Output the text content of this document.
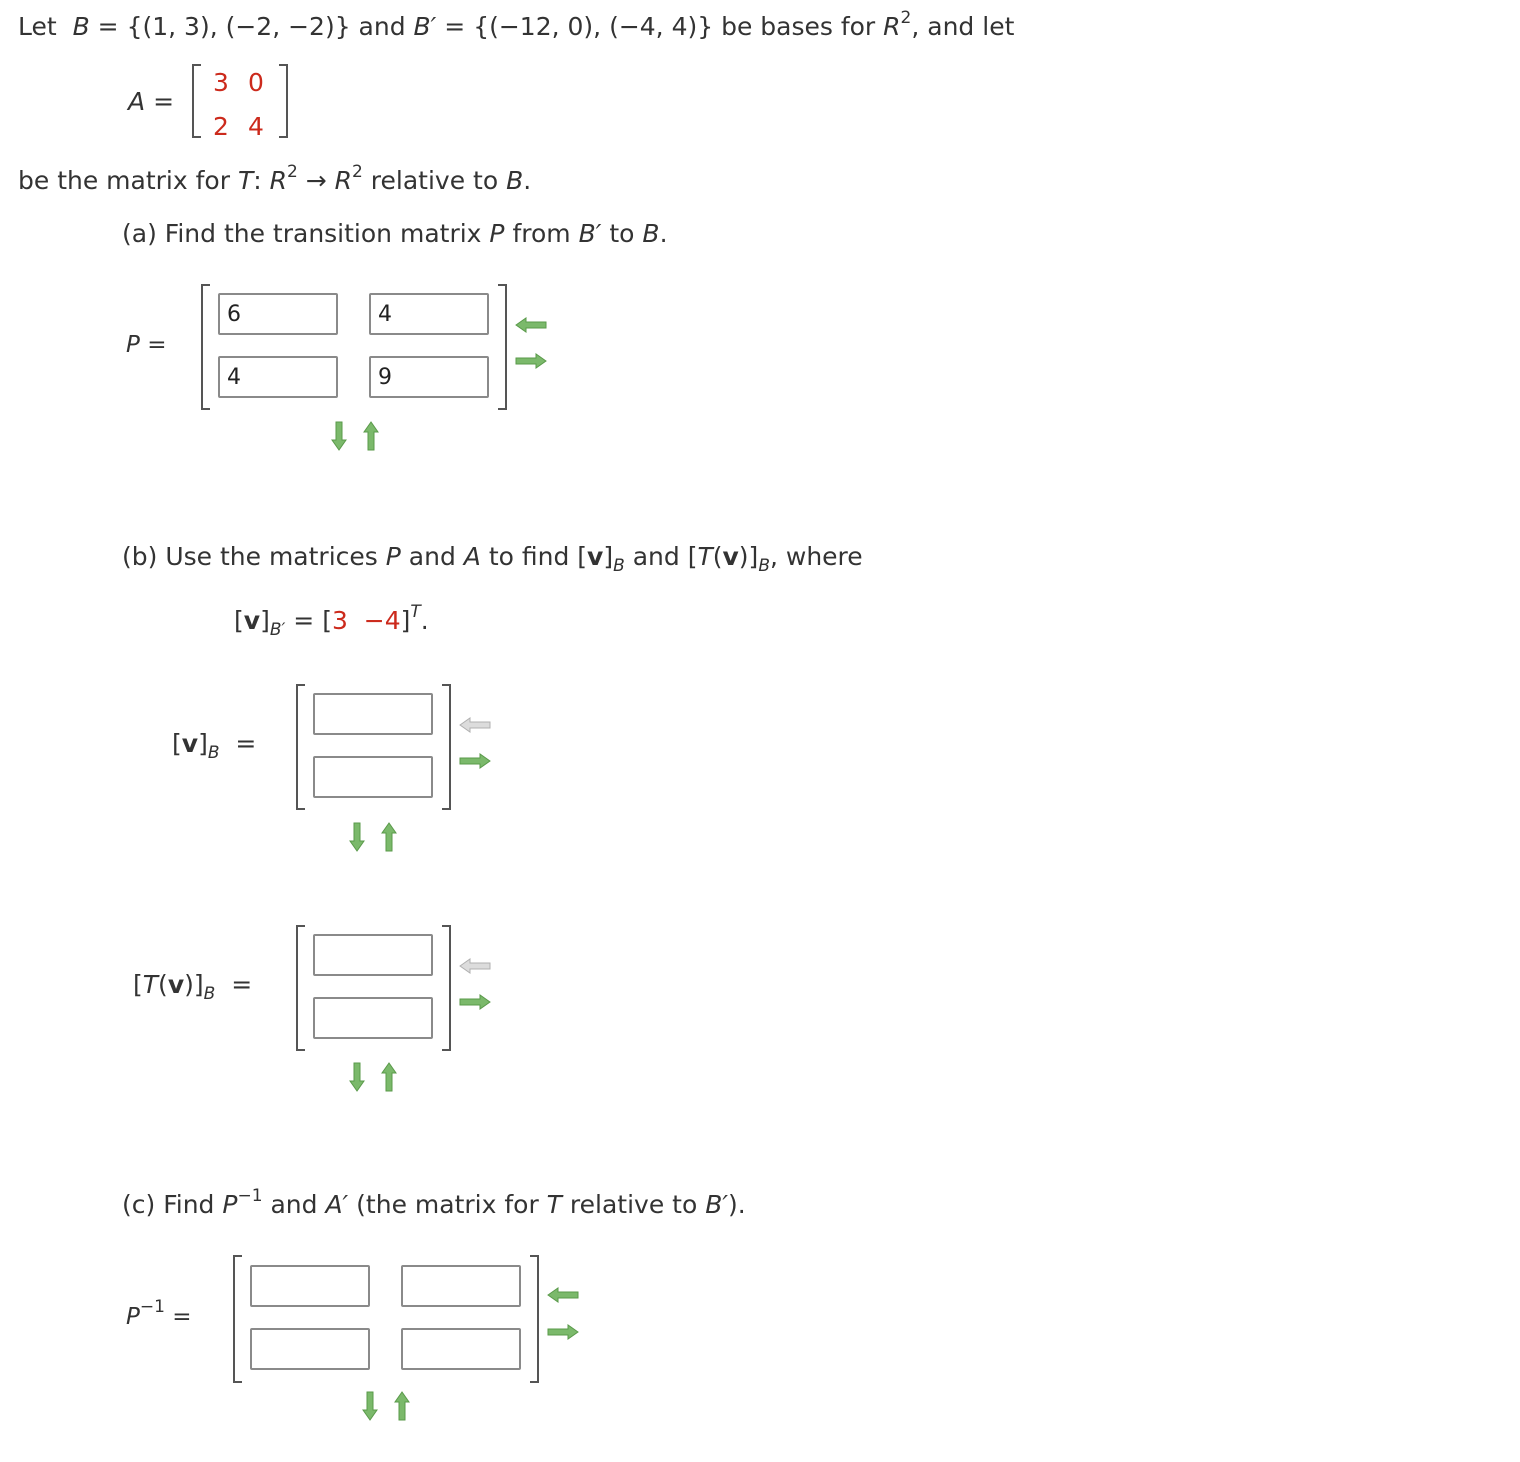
Let B = {(1, 3), (−2, −2)} and B′ = {(−12, 0), (−4, 4)} be bases for $R^2$, and let
A =
3 0
2 4
be the matrix for T: $R^2 \to R^2$ relative to B.
(a) Find the transition matrix P from B′ to B.
P =
6
4
4
9
(b) Use the matrices P and A to find $[v]_B$ and $[T(v)]_B$, where
$[v]_{B'} = [3 -4]^T$.
$[v]_B$ =
$[T(v)]_B$ =
(c) Find $P^{-1}$ and A′ (the matrix for T relative to B′).
$P^{-1}$ =
